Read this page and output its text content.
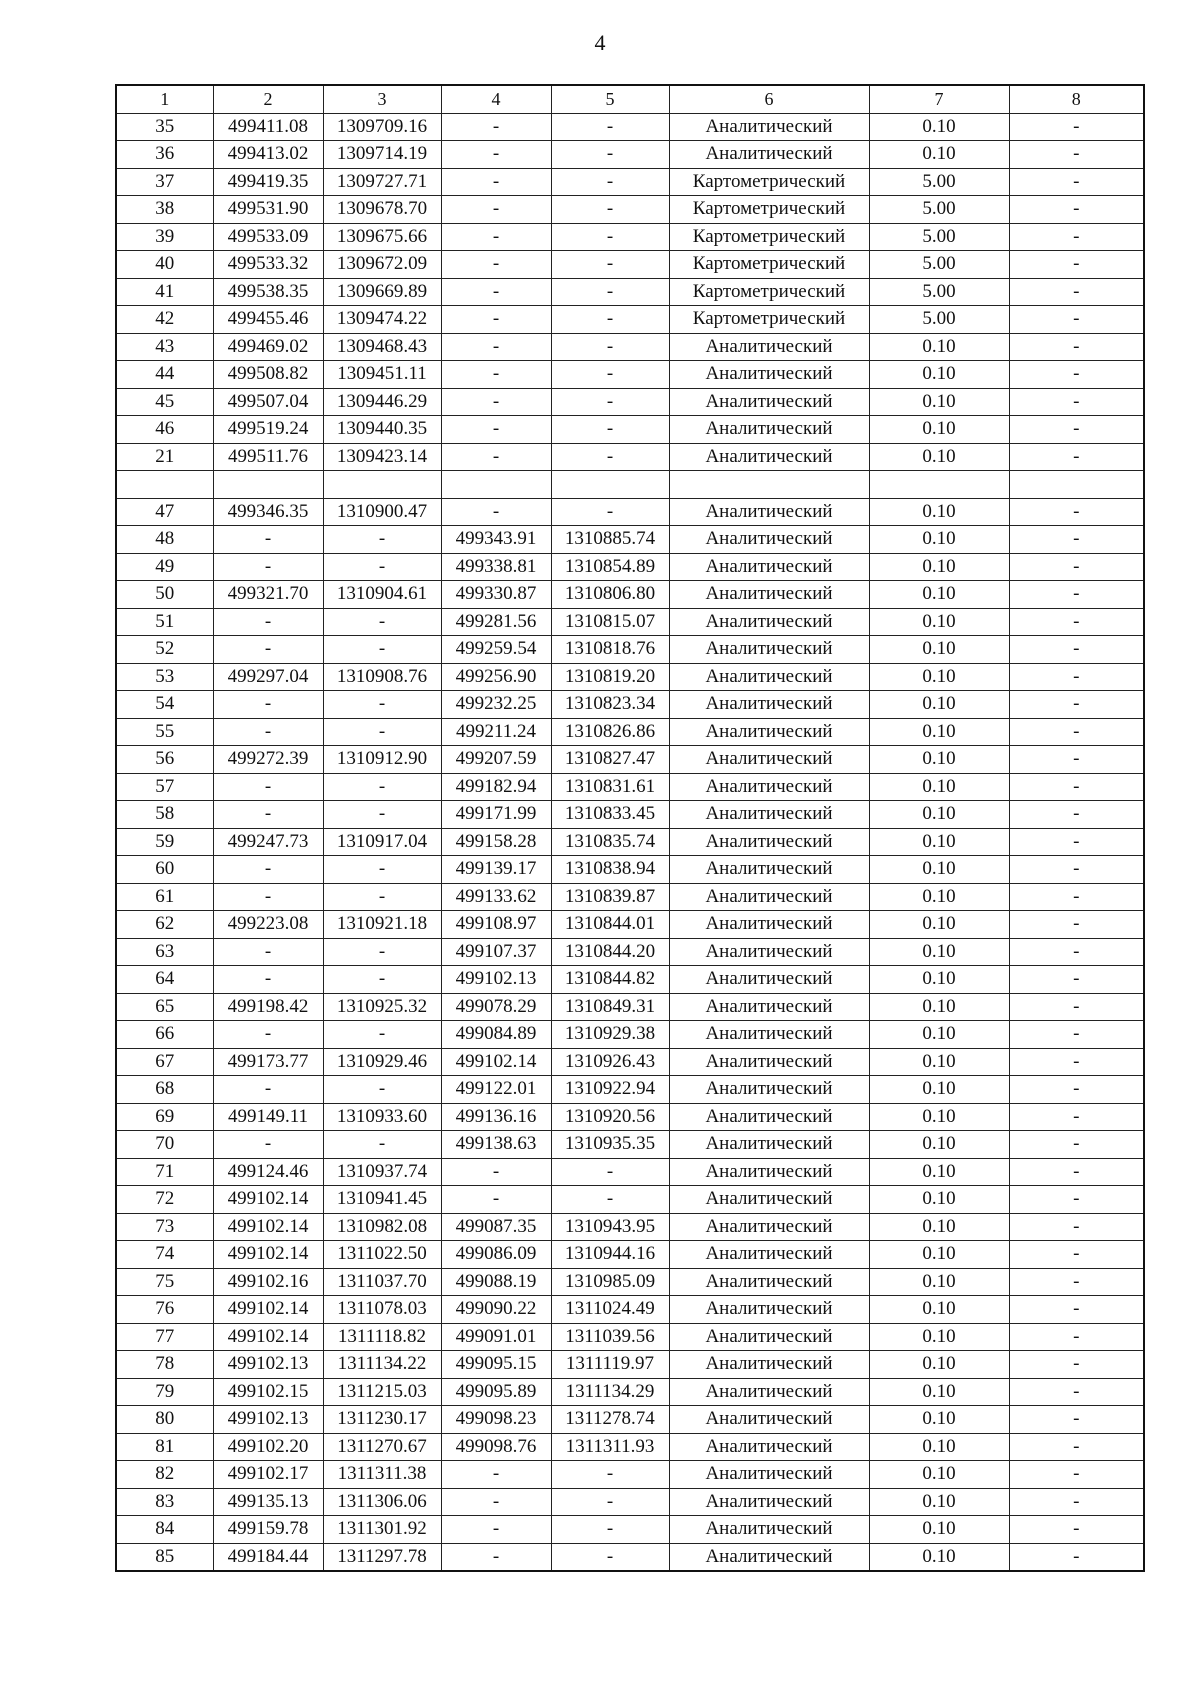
4
1	2	3	4	5	6	7	8
35	499411.08	1309709.16	-	-	Аналитический	0.10	-
36	499413.02	1309714.19	-	-	Аналитический	0.10	-
37	499419.35	1309727.71	-	-	Картометрический	5.00	-
38	499531.90	1309678.70	-	-	Картометрический	5.00	-
39	499533.09	1309675.66	-	-	Картометрический	5.00	-
40	499533.32	1309672.09	-	-	Картометрический	5.00	-
41	499538.35	1309669.89	-	-	Картометрический	5.00	-
42	499455.46	1309474.22	-	-	Картометрический	5.00	-
43	499469.02	1309468.43	-	-	Аналитический	0.10	-
44	499508.82	1309451.11	-	-	Аналитический	0.10	-
45	499507.04	1309446.29	-	-	Аналитический	0.10	-
46	499519.24	1309440.35	-	-	Аналитический	0.10	-
21	499511.76	1309423.14	-	-	Аналитический	0.10	-

47	499346.35	1310900.47	-	-	Аналитический	0.10	-
48	-	-	499343.91	1310885.74	Аналитический	0.10	-
49	-	-	499338.81	1310854.89	Аналитический	0.10	-
50	499321.70	1310904.61	499330.87	1310806.80	Аналитический	0.10	-
51	-	-	499281.56	1310815.07	Аналитический	0.10	-
52	-	-	499259.54	1310818.76	Аналитический	0.10	-
53	499297.04	1310908.76	499256.90	1310819.20	Аналитический	0.10	-
54	-	-	499232.25	1310823.34	Аналитический	0.10	-
55	-	-	499211.24	1310826.86	Аналитический	0.10	-
56	499272.39	1310912.90	499207.59	1310827.47	Аналитический	0.10	-
57	-	-	499182.94	1310831.61	Аналитический	0.10	-
58	-	-	499171.99	1310833.45	Аналитический	0.10	-
59	499247.73	1310917.04	499158.28	1310835.74	Аналитический	0.10	-
60	-	-	499139.17	1310838.94	Аналитический	0.10	-
61	-	-	499133.62	1310839.87	Аналитический	0.10	-
62	499223.08	1310921.18	499108.97	1310844.01	Аналитический	0.10	-
63	-	-	499107.37	1310844.20	Аналитический	0.10	-
64	-	-	499102.13	1310844.82	Аналитический	0.10	-
65	499198.42	1310925.32	499078.29	1310849.31	Аналитический	0.10	-
66	-	-	499084.89	1310929.38	Аналитический	0.10	-
67	499173.77	1310929.46	499102.14	1310926.43	Аналитический	0.10	-
68	-	-	499122.01	1310922.94	Аналитический	0.10	-
69	499149.11	1310933.60	499136.16	1310920.56	Аналитический	0.10	-
70	-	-	499138.63	1310935.35	Аналитический	0.10	-
71	499124.46	1310937.74	-	-	Аналитический	0.10	-
72	499102.14	1310941.45	-	-	Аналитический	0.10	-
73	499102.14	1310982.08	499087.35	1310943.95	Аналитический	0.10	-
74	499102.14	1311022.50	499086.09	1310944.16	Аналитический	0.10	-
75	499102.16	1311037.70	499088.19	1310985.09	Аналитический	0.10	-
76	499102.14	1311078.03	499090.22	1311024.49	Аналитический	0.10	-
77	499102.14	1311118.82	499091.01	1311039.56	Аналитический	0.10	-
78	499102.13	1311134.22	499095.15	1311119.97	Аналитический	0.10	-
79	499102.15	1311215.03	499095.89	1311134.29	Аналитический	0.10	-
80	499102.13	1311230.17	499098.23	1311278.74	Аналитический	0.10	-
81	499102.20	1311270.67	499098.76	1311311.93	Аналитический	0.10	-
82	499102.17	1311311.38	-	-	Аналитический	0.10	-
83	499135.13	1311306.06	-	-	Аналитический	0.10	-
84	499159.78	1311301.92	-	-	Аналитический	0.10	-
85	499184.44	1311297.78	-	-	Аналитический	0.10	-
